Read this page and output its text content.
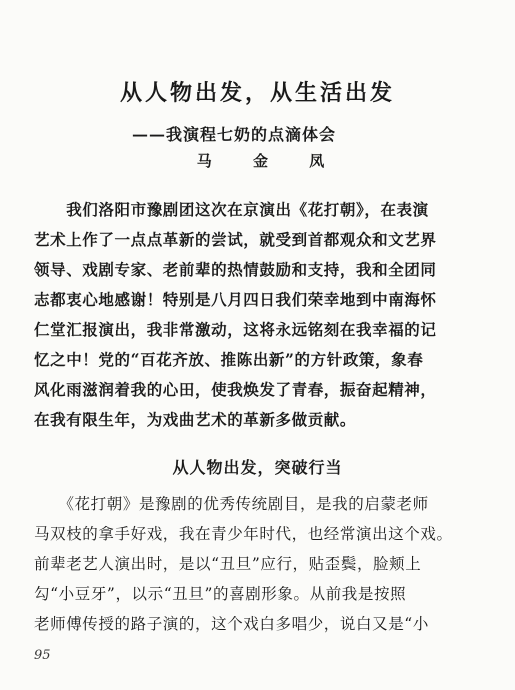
从人物出发，从生活出发
——我演程七奶的点滴体会
马 金 凤
　　我们洛阳市豫剧团这次在京演出《花打朝》，在表演
艺术上作了一点点革新的尝试，就受到首都观众和文艺界
领导、戏剧专家、老前辈的热情鼓励和支持，我和全团同
志都衷心地感谢！特别是八月四日我们荣幸地到中南海怀
仁堂汇报演出，我非常激动，这将永远铭刻在我幸福的记
忆之中！党的“百花齐放、推陈出新”的方针政策，象春
风化雨滋润着我的心田，使我焕发了青春，振奋起精神，
在我有限生年，为戏曲艺术的革新多做贡献。
从人物出发，突破行当
　　《花打朝》是豫剧的优秀传统剧目，是我的启蒙老师
马双枝的拿手好戏，我在青少年时代，也经常演出这个戏。
前辈老艺人演出时，是以“丑旦”应行，贴歪鬓，脸颊上
勾“小豆牙”，以示“丑旦”的喜剧形象。从前我是按照
老师傅传授的路子演的，这个戏白多唱少，说白又是“小
95
